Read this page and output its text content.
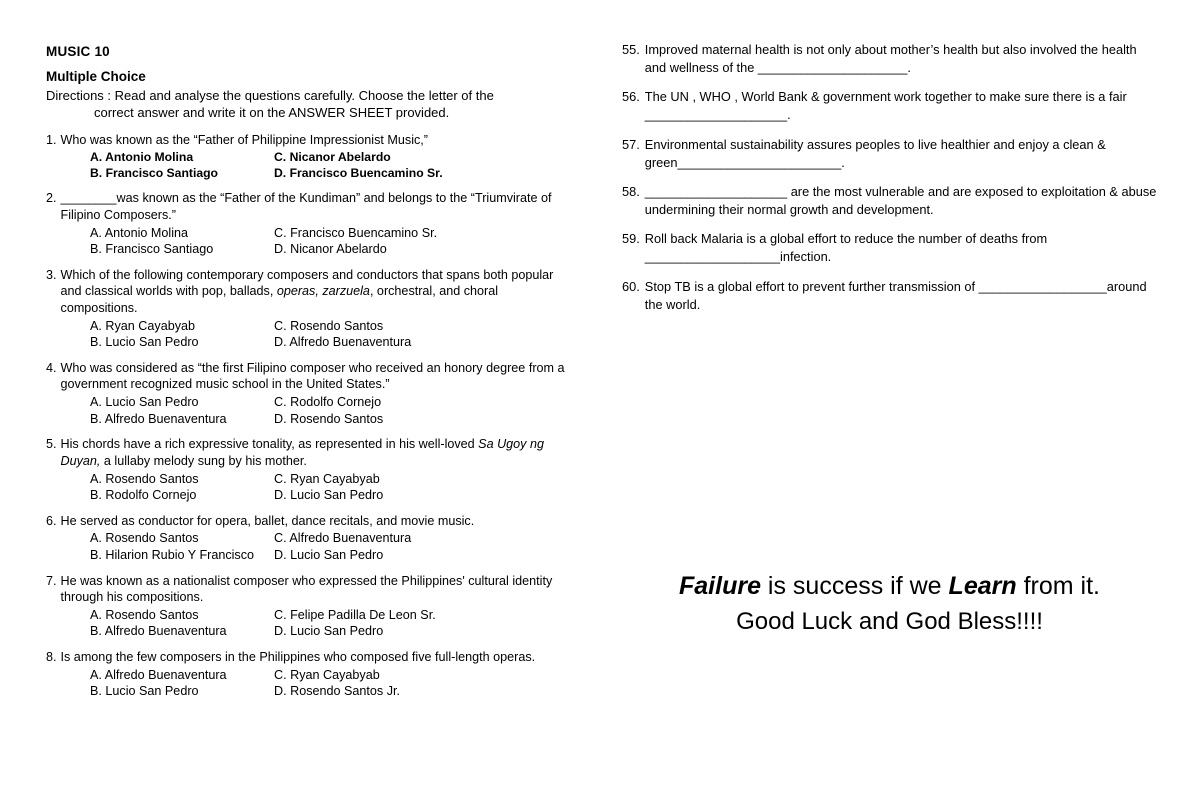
MUSIC 10
Multiple Choice
Directions : Read and analyse the questions carefully. Choose the letter of the
correct answer and write it on the ANSWER SHEET provided.
1. Who was known as the “Father of Philippine Impressionist Music,”
A. Antonio Molina	C. Nicanor Abelardo
B. Francisco Santiago	D. Francisco Buencamino Sr.
2. ________was known as the “Father of the Kundiman” and belongs to the “Triumvirate of Filipino Composers.”
A. Antonio Molina	C. Francisco Buencamino Sr.
B. Francisco Santiago	D. Nicanor Abelardo
3. Which of the following contemporary composers and conductors that spans both popular and classical worlds with pop, ballads, operas, zarzuela, orchestral, and choral compositions.
A. Ryan Cayabyab	C. Rosendo Santos
B. Lucio San Pedro	D. Alfredo Buenaventura
4. Who was considered as “the first Filipino composer who received an honory degree from a government recognized music school in the United States.”
A. Lucio San Pedro	C. Rodolfo Cornejo
B. Alfredo Buenaventura	D. Rosendo Santos
5. His chords have a rich expressive tonality, as represented in his well-loved Sa Ugoy ng Duyan, a lullaby melody sung by his mother.
A. Rosendo Santos	C. Ryan Cayabyab
B. Rodolfo Cornejo	D. Lucio San Pedro
6. He served as conductor for opera, ballet, dance recitals, and movie music.
A. Rosendo Santos	C. Alfredo Buenaventura
B. Hilarion Rubio Y Francisco	D. Lucio San Pedro
7. He was known as a nationalist composer who expressed the Philippines' cultural identity through his compositions.
A. Rosendo Santos	C. Felipe Padilla De Leon Sr.
B. Alfredo Buenaventura	D. Lucio San Pedro
8. Is among the few composers in the Philippines who composed five full-length operas.
A. Alfredo Buenaventura	C. Ryan Cayabyab
B. Lucio San Pedro	D. Rosendo Santos Jr.
55. Improved maternal health is not only about mother’s health but also involved the health and wellness of the _____________________.
56. The UN , WHO , World Bank & government work together to make sure there is a fair ____________________.
57. Environmental sustainability assures peoples to live healthier and enjoy a clean & green_______________________.
58. ____________________ are the most vulnerable and are exposed to exploitation & abuse undermining their normal growth and development.
59. Roll back Malaria is a global effort to reduce the number of deaths from ___________________infection.
60. Stop TB is a global effort to prevent further transmission of __________________around the world.
Failure is success if we Learn from it.
Good Luck and God Bless!!!!
